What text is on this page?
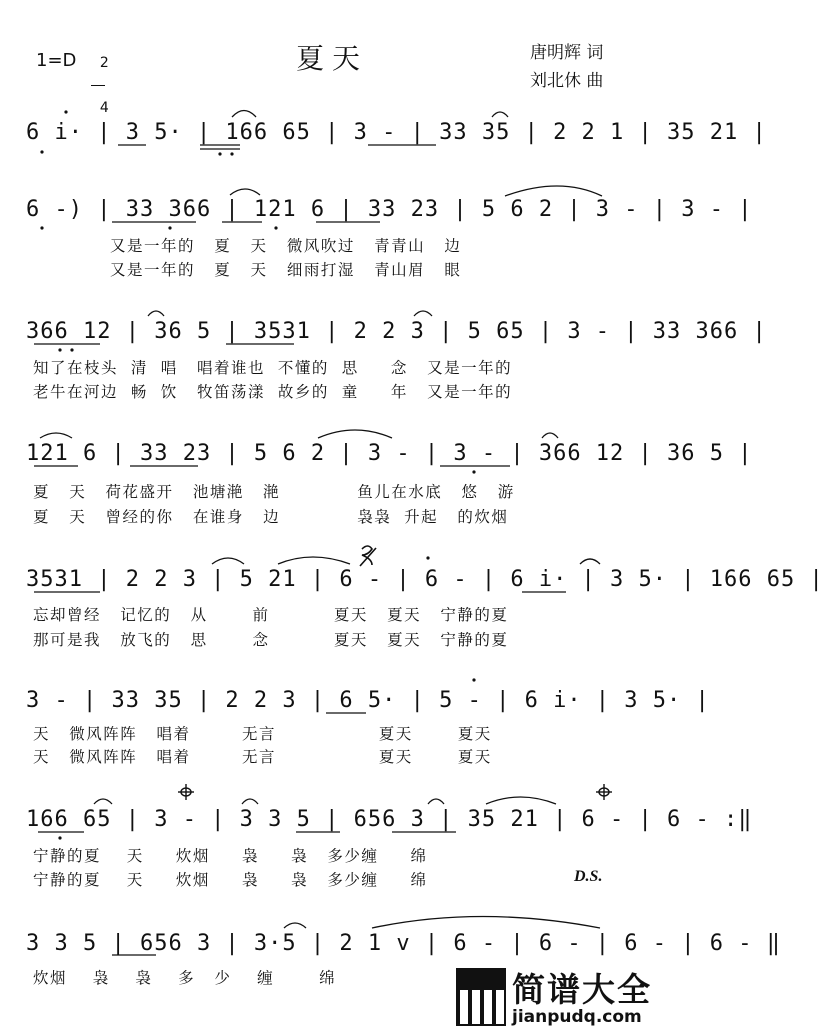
夏天
1=D	2

4

唐明辉 词
刘北休 曲
6 i· | 3 5· | 166 65 | 3 - | 33 35 | 2 2 1 | 35 21 |
6 -) | 33 366 | 121 6 | 33 23 | 5 6 2 | 3 - | 3 - |
又是一年的   夏   天   微风吹过   青青山   边
又是一年的   夏   天   细雨打湿   青山眉   眼
366 12 | 36 5 | 3531 | 2 2 3 | 5 65 | 3 - | 33 366 |
知了在枝头  清  唱   唱着谁也  不懂的  思     念   又是一年的
老牛在河边  畅  饮   牧笛荡漾  故乡的  童     年   又是一年的
121 6 | 33 23 | 5 6 2 | 3 - | 3 - | 366 12 | 36 5 |
夏   天   荷花盛开   池塘滟   滟            鱼儿在水底   悠   游
夏   天   曾经的你   在谁身   边            袅袅  升起   的炊烟
3531 | 2 2 3 | 5 21 | 6 - | 6 - | 6 i· | 3 5· | 166 65 |
忘却曾经   记忆的   从       前          夏天   夏天   宁静的夏
那可是我   放飞的   思       念          夏天   夏天   宁静的夏
3 - | 33 35 | 2 2 3 | 6 5· | 5 - | 6 i· | 3 5· |
天   微风阵阵   唱着        无言                夏天       夏天
天   微风阵阵   唱着        无言                夏天       夏天
166 65 | 3 - | 3 3 5 | 656 3 | 35 21 | 6 - | 6 - :‖
宁静的夏    天     炊烟     袅     袅   多少缠     绵
宁静的夏    天     炊烟     袅     袅   多少缠     绵	D.S.
3 3 5 | 656 3 | 3·5 | 2 1 v | 6 - | 6 - | 6 - | 6 - ‖
炊烟    袅    袅    多   少    缠       绵	简谱大全
jianpudq.com
